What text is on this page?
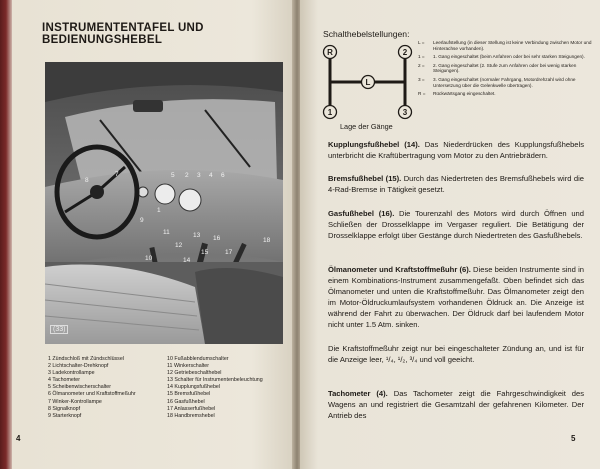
INSTRUMENTENTAFEL UND BEDIENUNGSHEBEL
1
2 3 4
5	6
7
8
9
10
11
12
13
14
15
16
17
18
(33)
1 Zündschloß mit Zündschlüssel
2 Lichtschalter-Drehknopf
3 Ladekontrollampe
4 Tachometer
5 Scheibenwischerschalter
6 Ölmanometer und Kraftstoffmeßuhr
7 Winker-Kontrollampe
8 Signalknopf
9 Starterknopf
10 Fußabblendumschalter
11 Winkerschalter
12 Getriebeschalthebel
13 Schalter für Instrumentenbeleuchtung
14 Kupplungsfußhebel
15 Bremsfußhebel
16 Gasfußhebel
17 Anlasserfußhebel
18 Handbremshebel
4
Schalthebelstellungen:
R	2
1	3
L
Lage der Gänge
L =	Leerlaufstellung (in dieser Stellung ist keine Verbindung zwischen Motor und Hinterachse vorhanden).
1 =	1. Gang eingeschaltet (beim Anfahren oder bei sehr starken Steigungen).
2 =	2. Gang eingeschaltet (2. Stufe zum Anfahren oder bei wenig starken Steigungen).
3 =	3. Gang eingeschaltet (normaler Fahrgang, Motordrehzahl wird ohne Untersetzung über die Gelenkwelle übertragen).
R =	Rückwärtsgang eingeschaltet.
Kupplungsfußhebel (14). Das Niederdrücken des Kupplungsfußhebels unterbricht die Kraftübertragung vom Motor zu den Antriebrädern.
Bremsfußhebel (15). Durch das Niedertreten des Bremsfußhebels wird die 4-Rad-Bremse in Tätigkeit gesetzt.
Gasfußhebel (16). Die Tourenzahl des Motors wird durch Öffnen und Schließen der Drosselklappe im Vergaser reguliert. Die Betätigung der Drosselklappe erfolgt über Gestänge durch Niedertreten des Gasfußhebels.
Ölmanometer und Kraftstoffmeßuhr (6). Diese beiden Instrumente sind in einem Kombinations-Instrument zusammengefaßt. Oben befindet sich das Ölmanometer und unten die Kraftstoffmeßuhr. Das Ölmanometer zeigt den im Motor-Öldruckumlaufsystem vorhandenen Öldruck an. Die Anzeige ist während der Fahrt zu überwachen. Der Öldruck darf bei laufendem Motor nicht unter 1.5 Atm. sinken.
Die Kraftstoffmeßuhr zeigt nur bei eingeschalteter Zündung an, und ist für die Anzeige leer, ¹/₄, ¹/₂, ³/₄ und voll geeicht.
Tachometer (4). Das Tachometer zeigt die Fahrgeschwindigkeit des Wagens an und registriert die Gesamtzahl der gefahrenen Kilometer. Der Antrieb des
5
